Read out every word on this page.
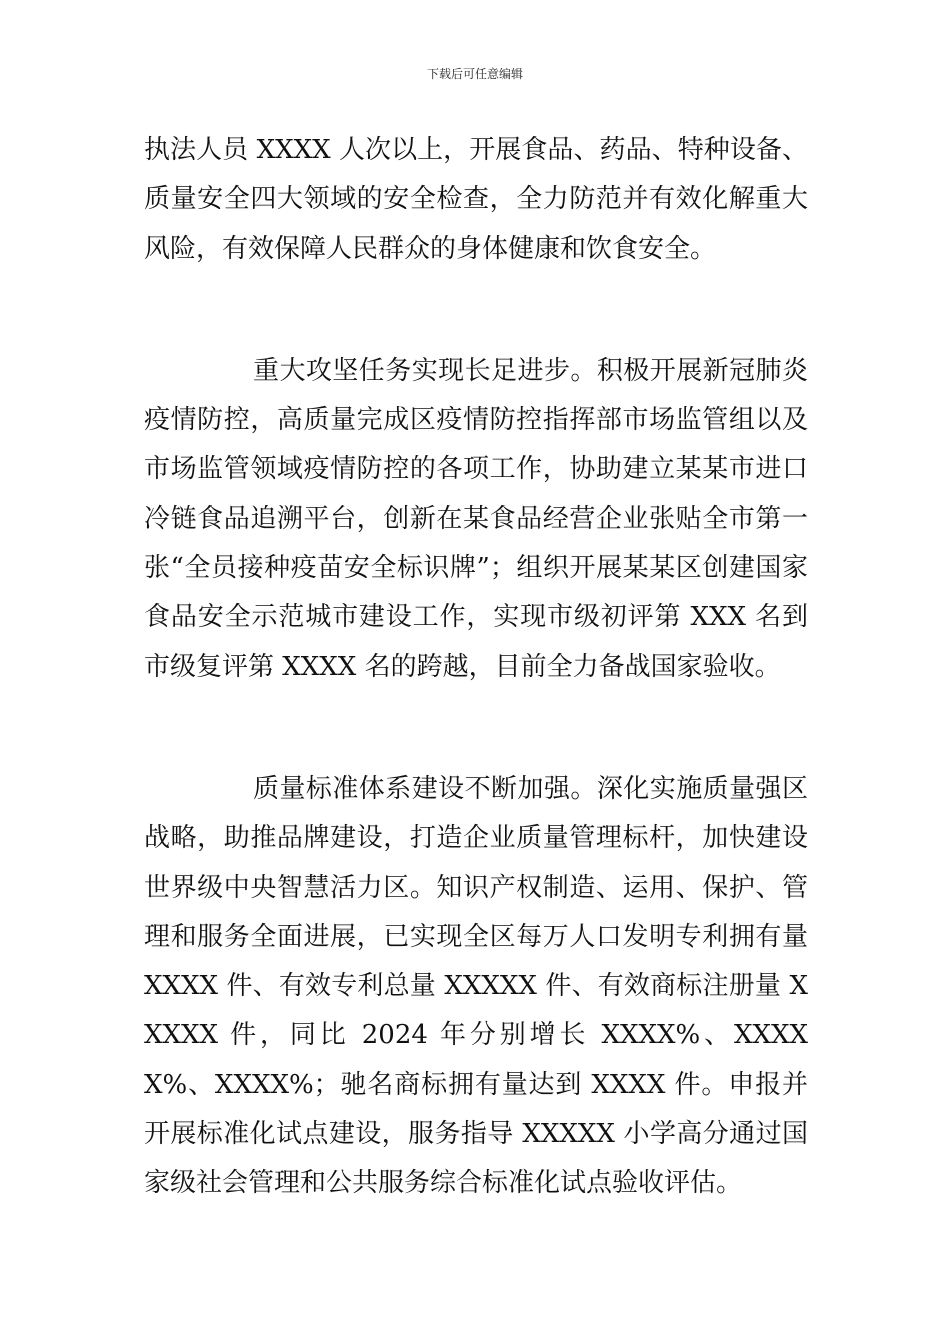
下载后可任意编辑

执法人员 XXXX 人次以上，开展食品、药品、特种设备、质量安全四大领域的安全检查，全力防范并有效化解重大风险，有效保障人民群众的身体健康和饮食安全。

重大攻坚任务实现长足进步。积极开展新冠肺炎疫情防控，高质量完成区疫情防控指挥部市场监管组以及市场监管领域疫情防控的各项工作，协助建立某某市进口冷链食品追溯平台，创新在某食品经营企业张贴全市第一张“全员接种疫苗安全标识牌”；组织开展某某区创建国家食品安全示范城市建设工作，实现市级初评第 XXX 名到市级复评第 XXXX 名的跨越，目前全力备战国家验收。

质量标准体系建设不断加强。深化实施质量强区战略，助推品牌建设，打造企业质量管理标杆，加快建设世界级中央智慧活力区。知识产权制造、运用、保护、管理和服务全面进展，已实现全区每万人口发明专利拥有量 XXXX 件、有效专利总量 XXXXX 件、有效商标注册量 XXXXX 件，同比 2024 年分别增长 XXXX%、XXXXX%、XXXX%；驰名商标拥有量达到 XXXX 件。申报并开展标准化试点建设，服务指导 XXXXX 小学高分通过国家级社会管理和公共服务综合标准化试点验收评估。
